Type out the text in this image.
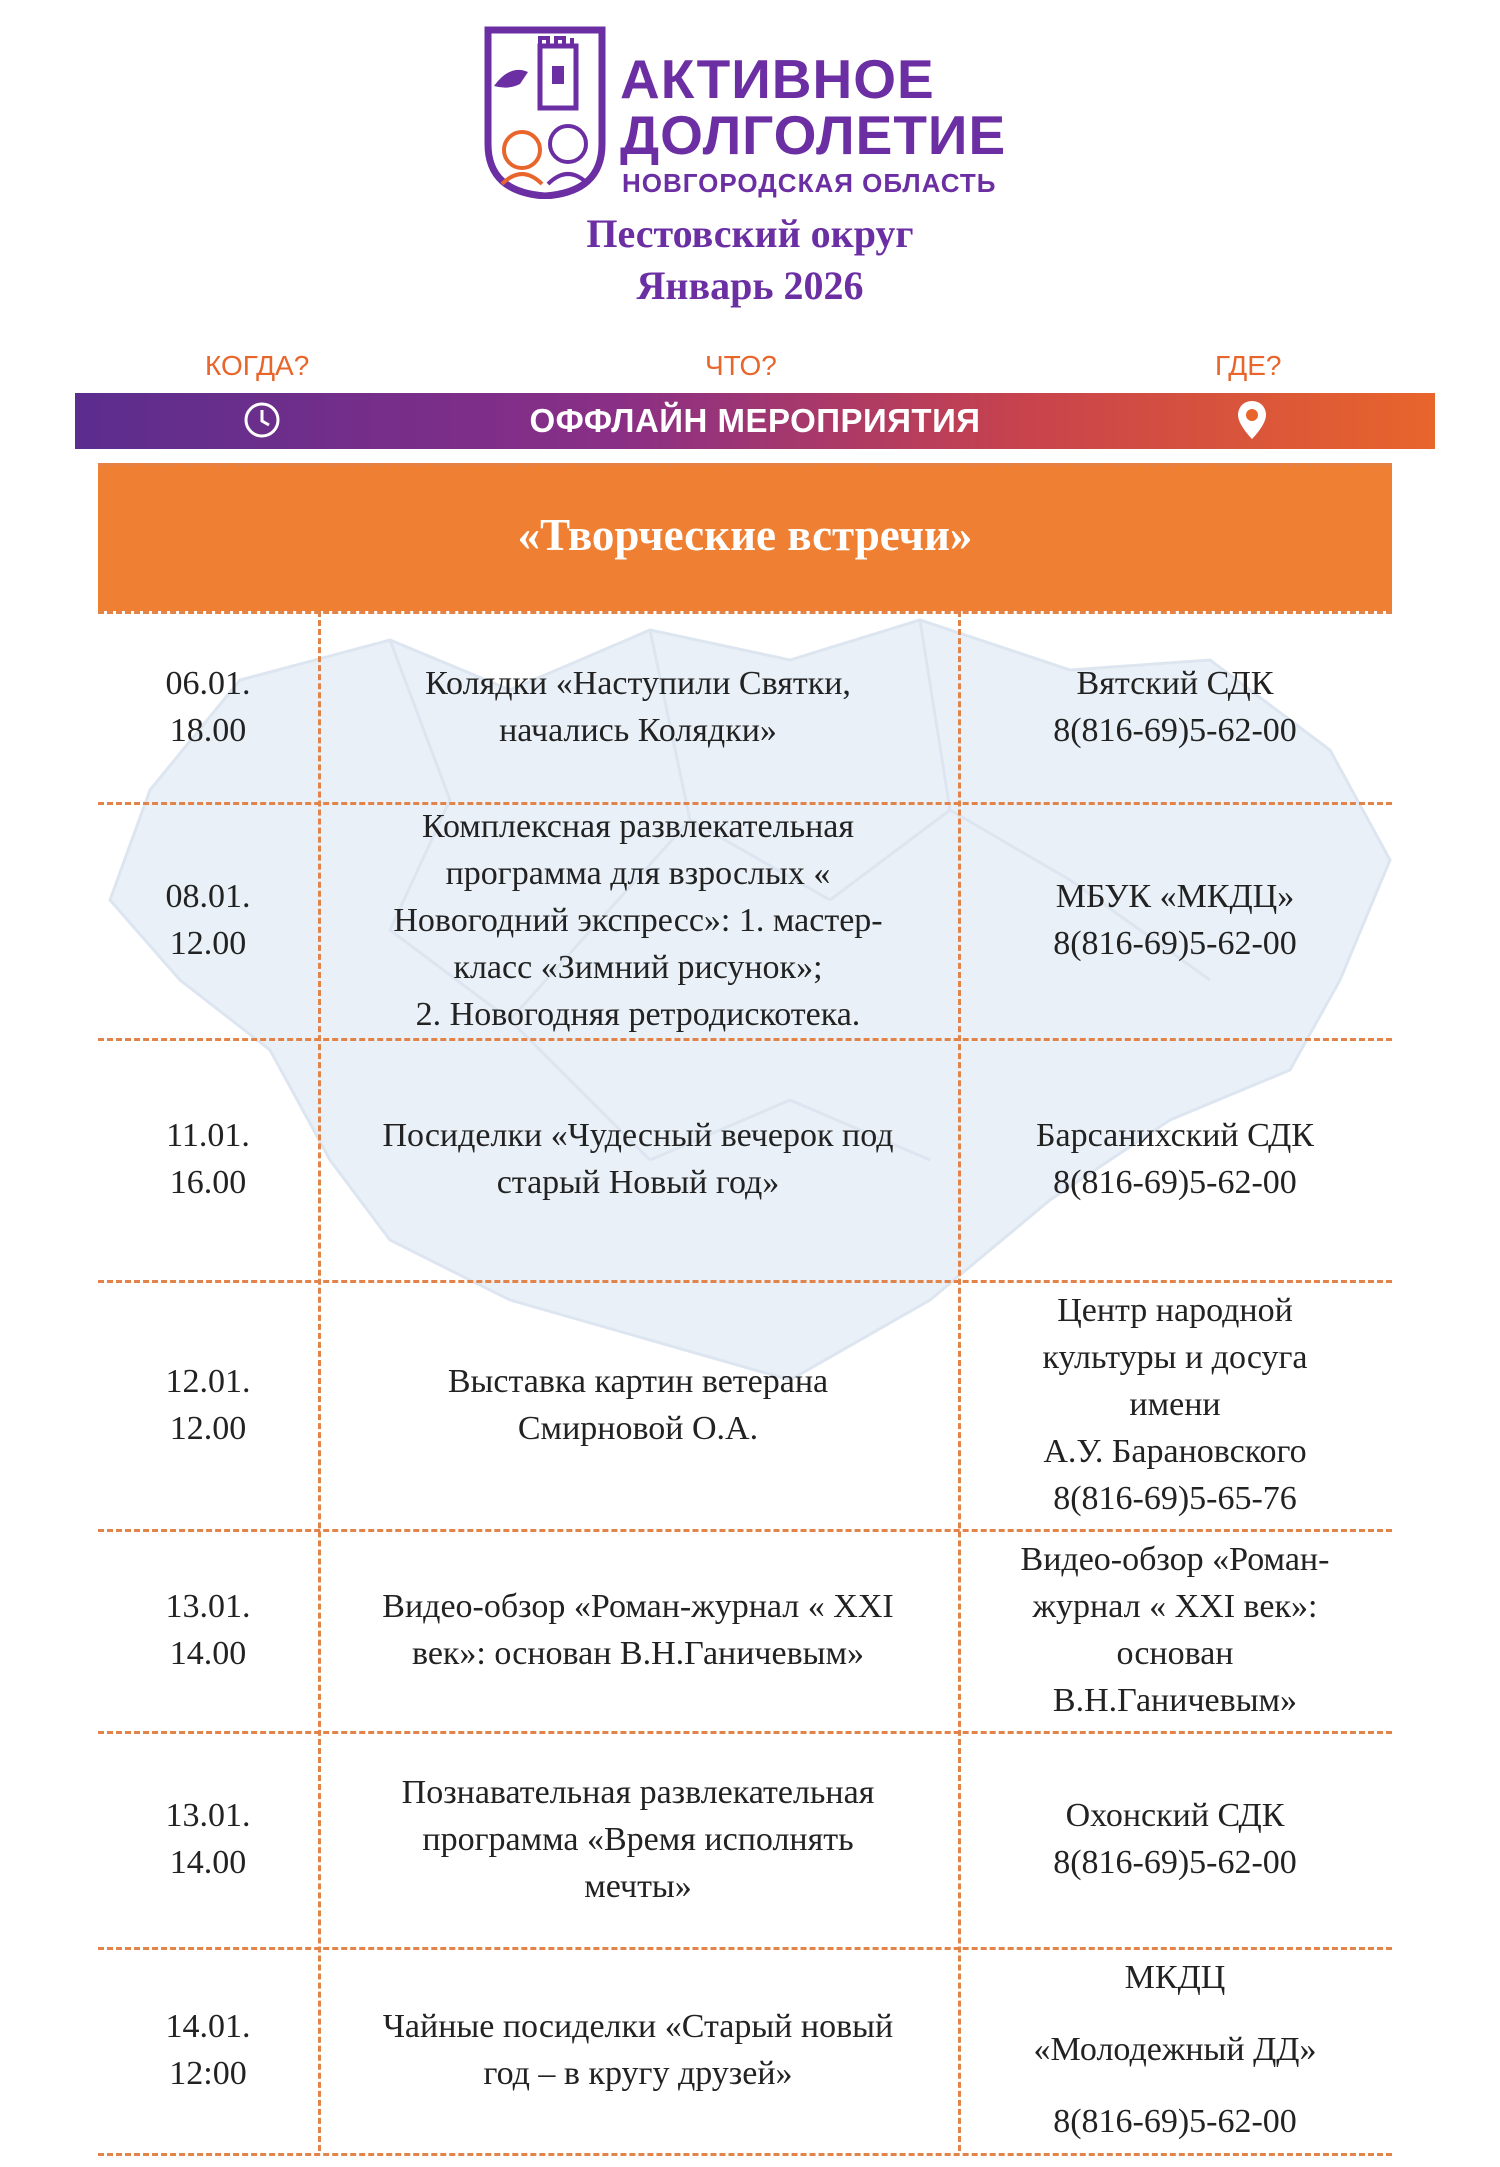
АКТИВНОЕ
ДОЛГОЛЕТИЕ
НОВГОРОДСКАЯ ОБЛАСТЬ
Пестовский округ
Январь 2026
КОГДА?	ЧТО?	ГДЕ?
ОФФЛАЙН МЕРОПРИЯТИЯ
«Творческие встречи»
06.01.
18.00
Колядки «Наступили Святки,
начались Колядки»
Вятский СДК
8(816-69)5-62-00
08.01.
12.00
Комплексная развлекательная
программа для взрослых «
Новогодний экспресс»: 1. мастер-
класс «Зимний рисунок»;
2. Новогодняя ретродискотека.
МБУК «МКДЦ»
8(816-69)5-62-00
11.01.
16.00
Посиделки «Чудесный вечерок под
старый Новый год»
Барсанихский СДК
8(816-69)5-62-00
12.01.
12.00
Выставка картин ветерана
Смирновой О.А.
Центр народной
культуры и досуга
имени
А.У. Барановского
8(816-69)5-65-76
13.01.
14.00
Видео-обзор «Роман-журнал « XXI
век»: основан В.Н.Ганичевым»
Видео-обзор «Роман-
журнал « XXI век»:
основан
В.Н.Ганичевым»
13.01.
14.00
Познавательная развлекательная
программа «Время исполнять
мечты»
Охонский СДК
8(816-69)5-62-00
14.01.
12:00
Чайные посиделки «Старый новый
год – в кругу друзей»
МКДЦ
«Молодежный ДД»
8(816-69)5-62-00
